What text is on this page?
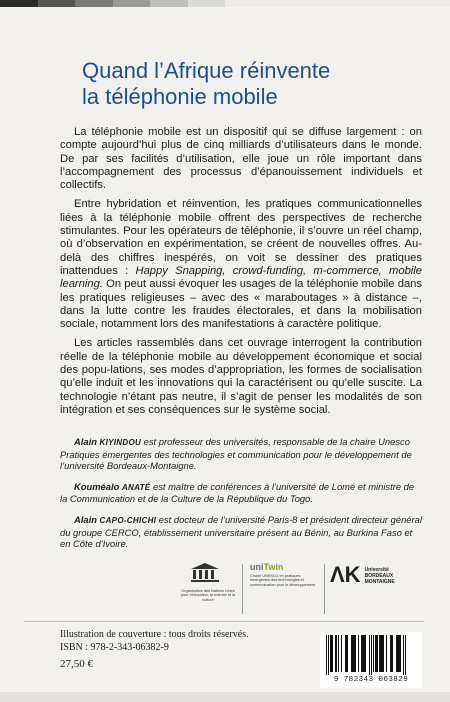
Quand l’Afrique réinvente
la téléphonie mobile

La téléphonie mobile est un dispositif qui se diffuse largement : on compte aujourd’hui plus de cinq milliards d’utilisateurs dans le monde. De par ses facilités d’utilisation, elle joue un rôle important dans l’accompagnement des processus d’épanouissement individuels et collectifs.

Entre hybridation et réinvention, les pratiques communicationnelles liées à la téléphonie mobile offrent des perspectives de recherche stimulantes. Pour les opérateurs de téléphonie, il s’ouvre un réel champ, où d’observation en expérimentation, se créent de nouvelles offres. Au-delà des chiffres inespérés, on voit se dessiner des pratiques inattendues : Happy Snapping, crowd-funding, m-commerce, mobile learning. On peut aussi évoquer les usages de la téléphonie mobile dans les pratiques religieuses – avec des « maraboutages » à distance –, dans la lutte contre les fraudes électorales, et dans la mobilisation sociale, notamment lors des manifestations à caractère politique.

Les articles rassemblés dans cet ouvrage interrogent la contribution réelle de la téléphonie mobile au développement économique et social des popu-lations, ses modes d’appropriation, les formes de socialisation qu’elle induit et les innovations qui la caractérisent ou qu’elle suscite. La technologie n’étant pas neutre, il s’agit de penser les modalités de son intégration et ses conséquences sur le système social.

Alain KIYINDOU est professeur des universités, responsable de la chaire Unesco Pratiques émergentes des technologies et communication pour le développement de l’université Bordeaux-Montaigne.

Kouméalo ANATÉ est maître de conférences à l’université de Lomé et ministre de la Communication et de la Culture de la République du Togo.

Alain CAPO-CHICHI est docteur de l’université Paris-8 et président directeur général du groupe CERCO, établissement universitaire présent au Bénin, au Burkina Faso et en Côte d’Ivoire.

Organisation des Nations Unies pour l’éducation, la science et la culture
uniTwin
Chaire UNESCO en pratiques émergentes des technologies et communication pour le développement ΛΚ Université
BORDEAUX
MONTAIGNE
Illustration de couverture : tous droits réservés.
ISBN : 978-2-343-06382-9
27,50 €
9 782343 063829
